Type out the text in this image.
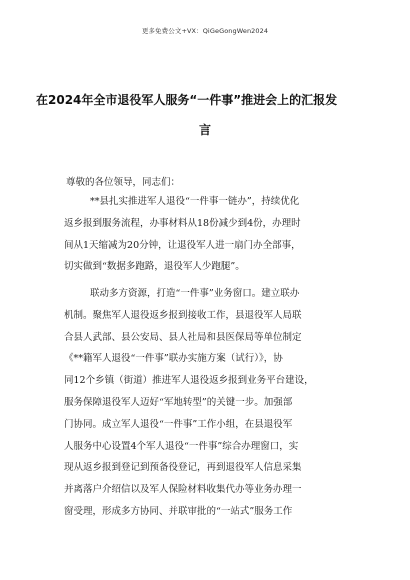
更多免费公文+VX：QiGeGongWen2024
在2024年全市退役军人服务“一件事”推进会上的汇报发
言
尊敬的各位领导，同志们：
**县扎实推进军人退役“一件事一链办”，持续优化
返乡报到服务流程，办事材料从18份减少到4份，办理时
间从1天缩减为20分钟，让退役军人进一扇门办全部事，
切实做到“数据多跑路，退役军人少跑腿”。
联动多方资源，打造“一件事”业务窗口。建立联办
机制。聚焦军人退役返乡报到接收工作，县退役军人局联
合县人武部、县公安局、县人社局和县医保局等单位制定
《**籍军人退役“一件事”联办实施方案（试行）》，协
同12个乡镇（街道）推进军人退役返乡报到业务平台建设，
服务保障退役军人迈好“军地转型”的关键一步。加强部
门协同。成立军人退役“一件事”工作小组，在县退役军
人服务中心设置4个军人退役“一件事”综合办理窗口，实
现从返乡报到登记到预备役登记，再到退役军人信息采集
并离落户介绍信以及军人保险材料收集代办等业务办理一
窗受理，形成多方协同、并联审批的“一站式”服务工作
